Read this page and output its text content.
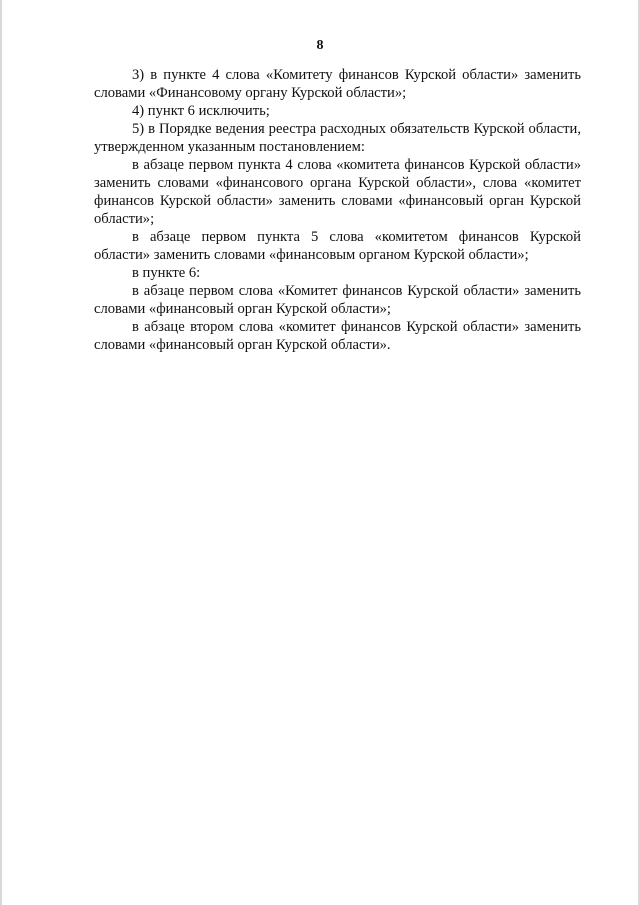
8

3) в пункте 4 слова «Комитету финансов Курской области» заменить словами «Финансовому органу Курской области»;

4) пункт 6 исключить;

5) в Порядке ведения реестра расходных обязательств Курской области, утвержденном указанным постановлением:

в абзаце первом пункта 4 слова «комитета финансов Курской области» заменить словами «финансового органа Курской области», слова «комитет финансов Курской области» заменить словами «финансовый орган Курской области»;

в абзаце первом пункта 5 слова «комитетом финансов Курской области» заменить словами «финансовым органом Курской области»;

в пункте 6:

в абзаце первом слова «Комитет финансов Курской области» заменить словами «финансовый орган Курской области»;

в абзаце втором слова «комитет финансов Курской области» заменить словами «финансовый орган Курской области».
